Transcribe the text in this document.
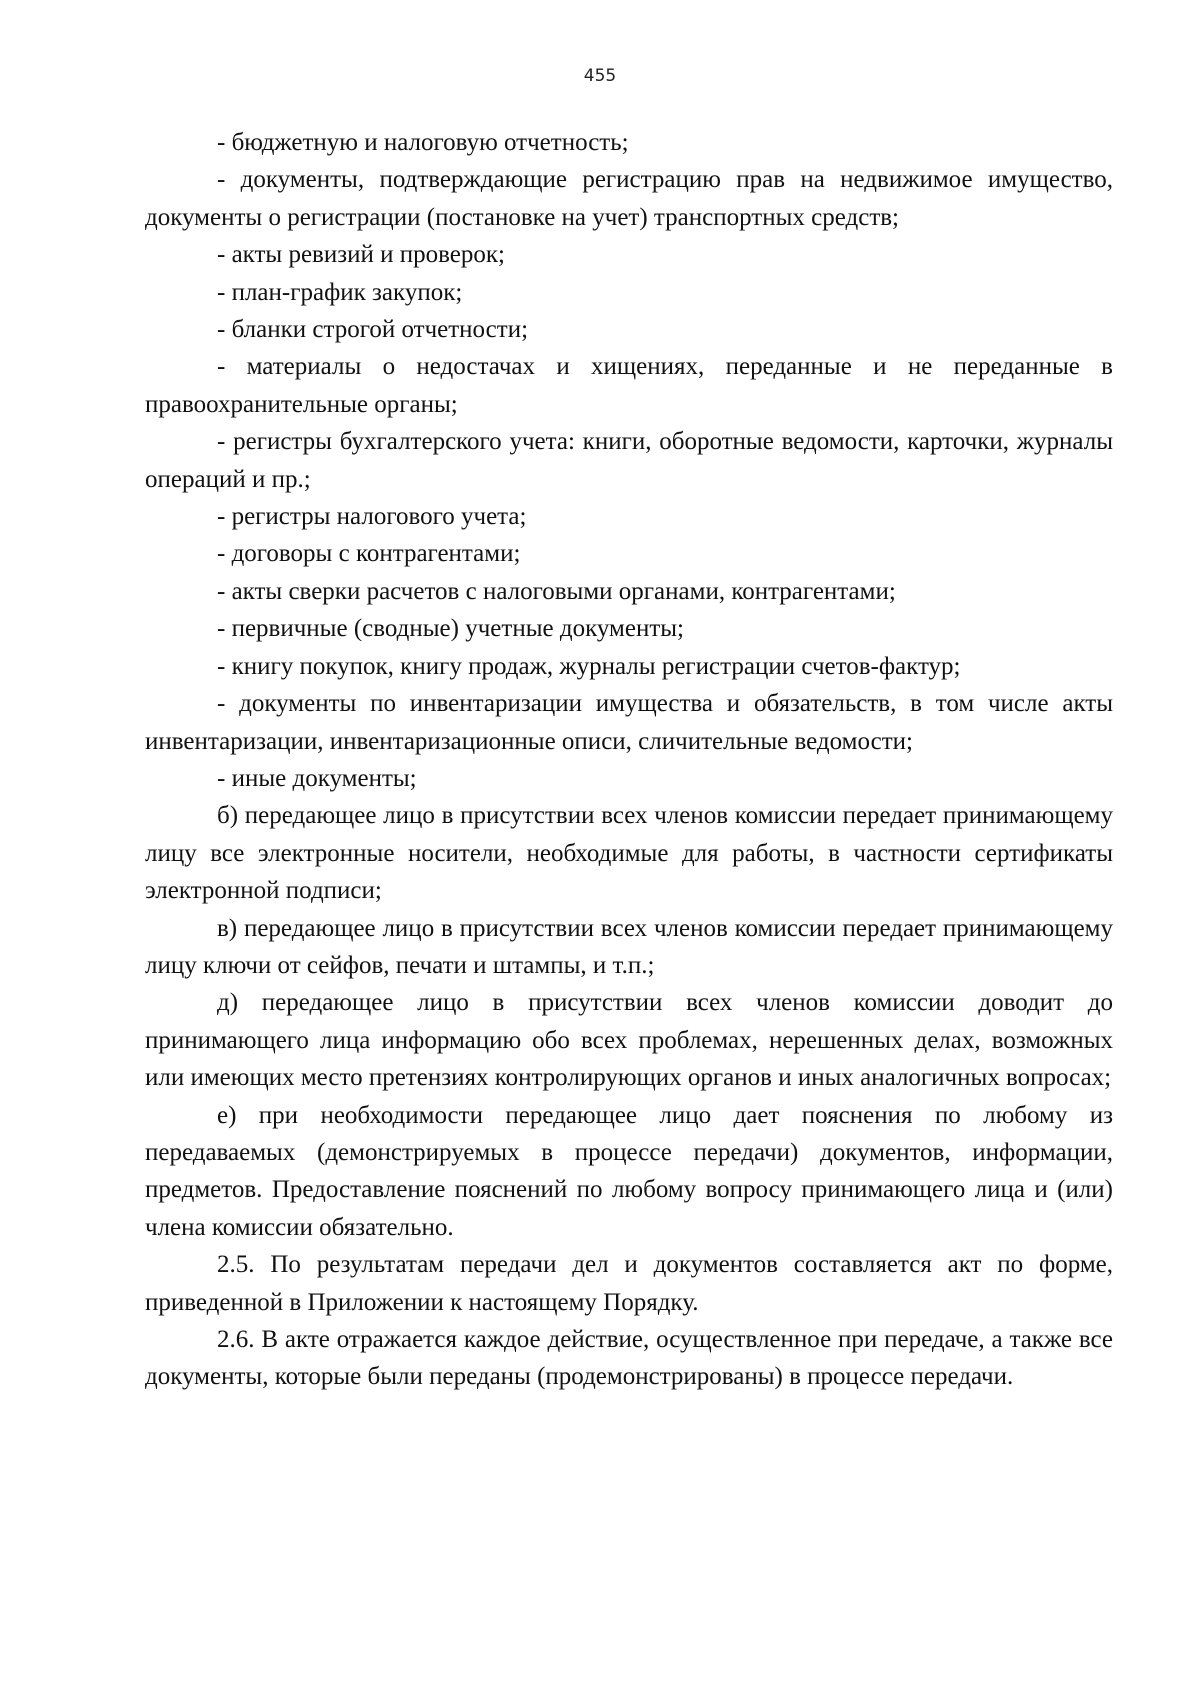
455

- бюджетную и налоговую отчетность;

- документы, подтверждающие регистрацию прав на недвижимое имущество, документы о регистрации (постановке на учет) транспортных средств;

- акты ревизий и проверок;

- план-график закупок;

- бланки строгой отчетности;

- материалы о недостачах и хищениях, переданные и не переданные в правоохранительные органы;

- регистры бухгалтерского учета: книги, оборотные ведомости, карточки, журналы операций и пр.;

- регистры налогового учета;

- договоры с контрагентами;

- акты сверки расчетов с налоговыми органами, контрагентами;

- первичные (сводные) учетные документы;

- книгу покупок, книгу продаж, журналы регистрации счетов-фактур;

- документы по инвентаризации имущества и обязательств, в том числе акты инвентаризации, инвентаризационные описи, сличительные ведомости;

- иные документы;

б) передающее лицо в присутствии всех членов комиссии передает принимающему лицу все электронные носители, необходимые для работы, в частности сертификаты электронной подписи;

в) передающее лицо в присутствии всех членов комиссии передает принимающему лицу ключи от сейфов, печати и штампы, и т.п.;

д) передающее лицо в присутствии всех членов комиссии доводит до принимающего лица информацию обо всех проблемах, нерешенных делах, возможных или имеющих место претензиях контролирующих органов и иных аналогичных вопросах;

е) при необходимости передающее лицо дает пояснения по любому из передаваемых (демонстрируемых в процессе передачи) документов, информации, предметов. Предоставление пояснений по любому вопросу принимающего лица и (или) члена комиссии обязательно.

2.5. По результатам передачи дел и документов составляется акт по форме, приведенной в Приложении к настоящему Порядку.

2.6. В акте отражается каждое действие, осуществленное при передаче, а также все документы, которые были переданы (продемонстрированы) в процессе передачи.
